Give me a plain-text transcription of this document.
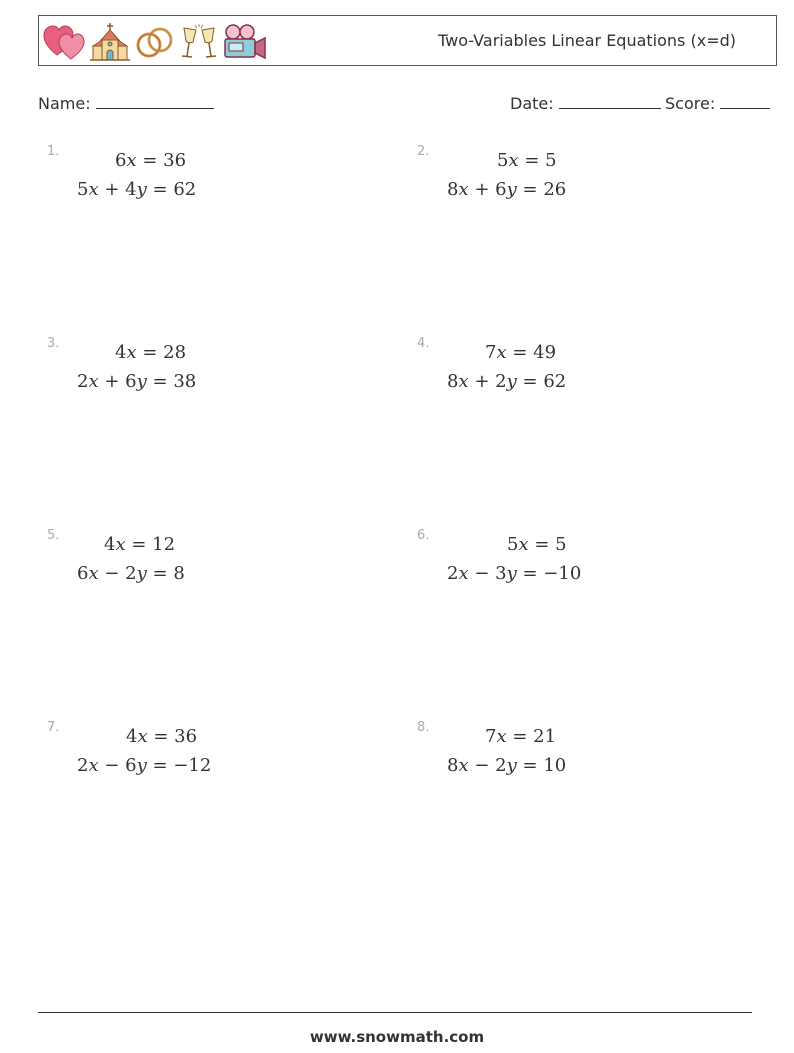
Two-Variables Linear Equations (x=d)
Name:	Date:	Score:
1.	6x = 36
5x + 4y = 62
2.	5x = 5
8x + 6y = 26
3.	4x = 28
2x + 6y = 38
4.	7x = 49
8x + 2y = 62
5. 4x = 12
6x − 2y = 8
6.	5x = 5
2x − 3y = −10
7.	4x = 36
2x − 6y = −12
8.	7x = 21
8x − 2y = 10
www.snowmath.com
